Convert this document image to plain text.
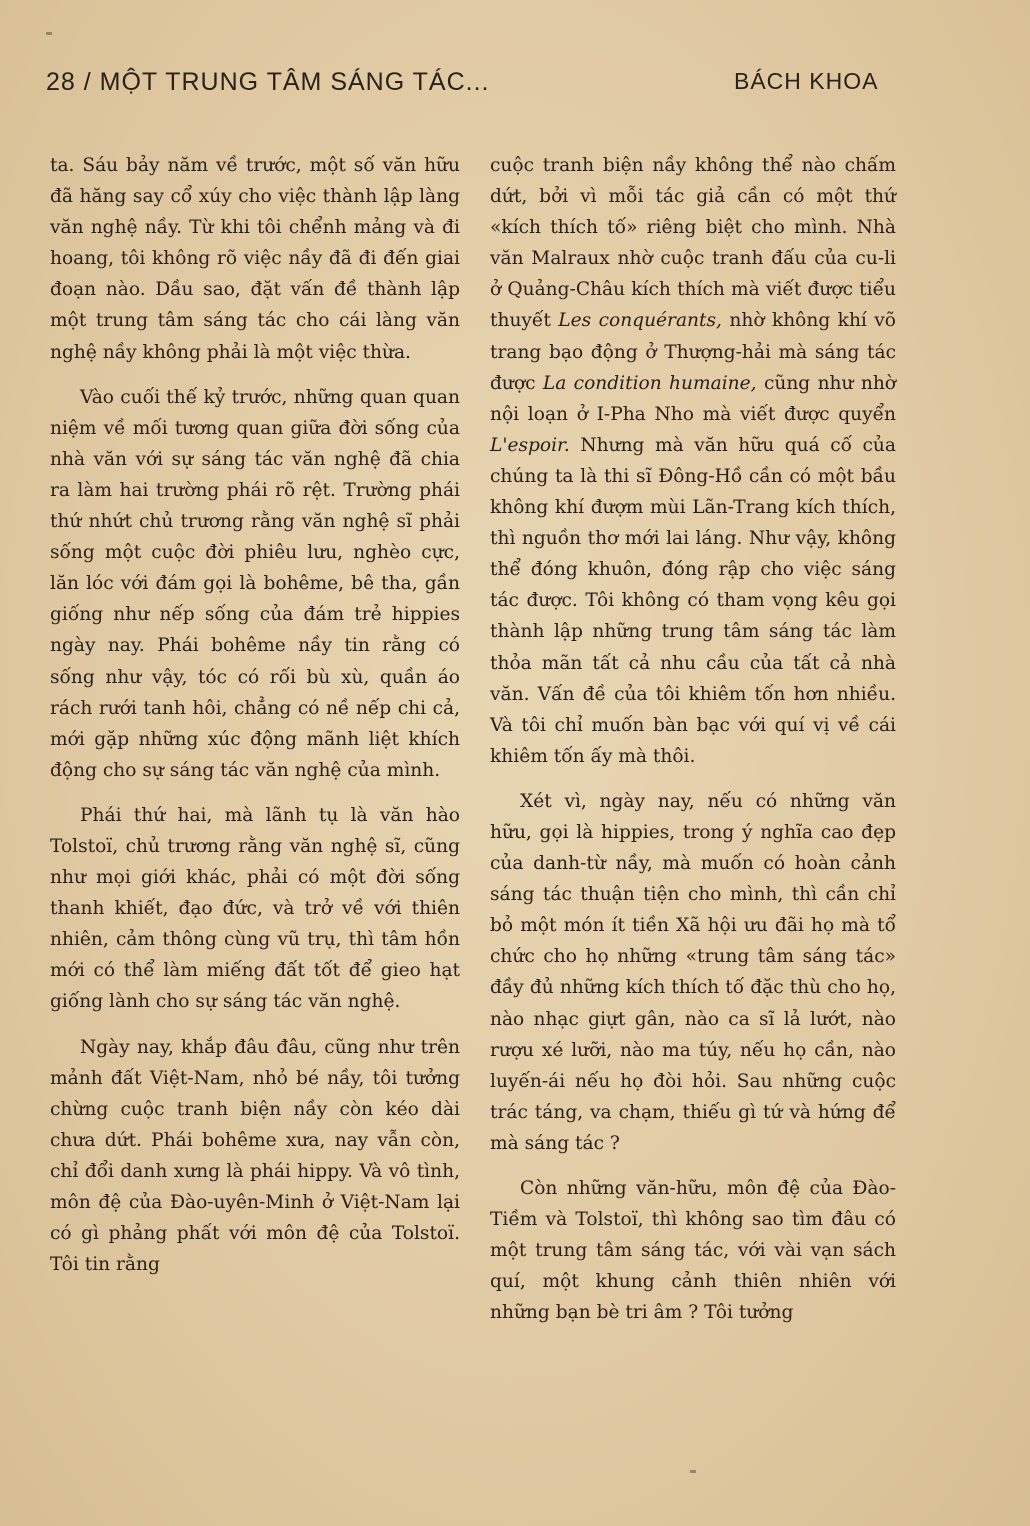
28 / MỘT TRUNG TÂM SÁNG TÁC...	BÁCH KHOA

ta. Sáu bảy năm về trước, một số văn hữu đã hăng say cổ xúy cho việc thành lập làng văn nghệ nầy. Từ khi tôi chểnh mảng và đi hoang, tôi không rõ việc nầy đã đi đến giai đoạn nào. Dầu sao, đặt vấn đề thành lập một trung tâm sáng tác cho cái làng văn nghệ nầy không phải là một việc thừa.

Vào cuối thế kỷ trước, những quan quan niệm về mối tương quan giữa đời sống của nhà văn với sự sáng tác văn nghệ đã chia ra làm hai trường phái rõ rệt. Trường phái thứ nhứt chủ trương rằng văn nghệ sĩ phải sống một cuộc đời phiêu lưu, nghèo cực, lăn lóc với đám gọi là bohême, bê tha, gần giống như nếp sống của đám trẻ hippies ngày nay. Phái bohême nầy tin rằng có sống như vậy, tóc có rối bù xù, quần áo rách rưới tanh hôi, chẳng có nề nếp chi cả, mới gặp những xúc động mãnh liệt khích động cho sự sáng tác văn nghệ của mình.

Phái thứ hai, mà lãnh tụ là văn hào Tolstoï, chủ trương rằng văn nghệ sĩ, cũng như mọi giới khác, phải có một đời sống thanh khiết, đạo đức, và trở về với thiên nhiên, cảm thông cùng vũ trụ, thì tâm hồn mới có thể làm miếng đất tốt để gieo hạt giống lành cho sự sáng tác văn nghệ.

Ngày nay, khắp đâu đâu, cũng như trên mảnh đất Việt-Nam, nhỏ bé nầy, tôi tưởng chừng cuộc tranh biện nầy còn kéo dài chưa dứt. Phái bohême xưa, nay vẫn còn, chỉ đổi danh xưng là phái hippy. Và vô tình, môn đệ của Đào-uyên-Minh ở Việt-Nam lại có gì phảng phất với môn đệ của Tolstoï. Tôi tin rằng

cuộc tranh biện nầy không thể nào chấm dứt, bởi vì mỗi tác giả cần có một thứ «kích thích tố» riêng biệt cho mình. Nhà văn Malraux nhờ cuộc tranh đấu của cu-li ở Quảng-Châu kích thích mà viết được tiểu thuyết Les conquérants, nhờ không khí võ trang bạo động ở Thượng-hải mà sáng tác được La condition humaine, cũng như nhờ nội loạn ở I-Pha Nho mà viết được quyển L'espoir. Nhưng mà văn hữu quá cố của chúng ta là thi sĩ Đông-Hồ cần có một bầu không khí đượm mùi Lãn-Trang kích thích, thì nguồn thơ mới lai láng. Như vậy, không thể đóng khuôn, đóng rập cho việc sáng tác được. Tôi không có tham vọng kêu gọi thành lập những trung tâm sáng tác làm thỏa mãn tất cả nhu cầu của tất cả nhà văn. Vấn đề của tôi khiêm tốn hơn nhiều. Và tôi chỉ muốn bàn bạc với quí vị về cái khiêm tốn ấy mà thôi.

Xét vì, ngày nay, nếu có những văn hữu, gọi là hippies, trong ý nghĩa cao đẹp của danh-từ nầy, mà muốn có hoàn cảnh sáng tác thuận tiện cho mình, thì cần chỉ bỏ một món ít tiền Xã hội ưu đãi họ mà tổ chức cho họ những «trung tâm sáng tác» đầy đủ những kích thích tố đặc thù cho họ, nào nhạc giựt gân, nào ca sĩ lả lướt, nào rượu xé lưỡi, nào ma túy, nếu họ cần, nào luyến-ái nếu họ đòi hỏi. Sau những cuộc trác táng, va chạm, thiếu gì tứ và hứng để mà sáng tác ?

Còn những văn-hữu, môn đệ của Đào-Tiềm và Tolstoï, thì không sao tìm đâu có một trung tâm sáng tác, với vài vạn sách quí, một khung cảnh thiên nhiên với những bạn bè tri âm ? Tôi tưởng
